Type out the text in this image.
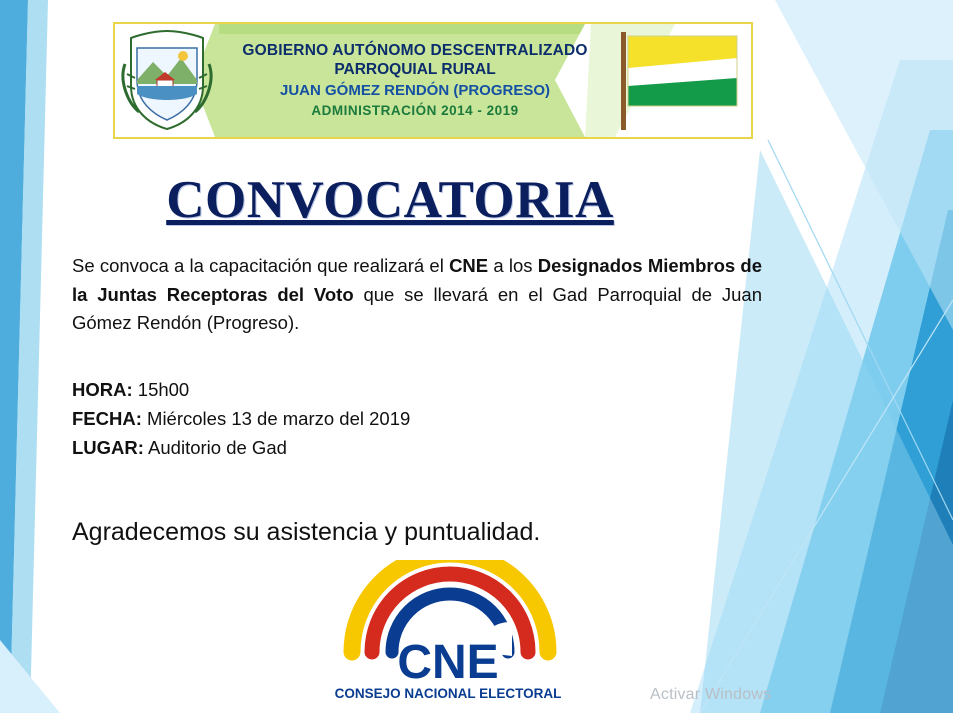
GOBIERNO AUTÓNOMO DESCENTRALIZADO
PARROQUIAL RURAL
JUAN GÓMEZ RENDÓN (PROGRESO)
ADMINISTRACIÓN 2014 - 2019
CONVOCATORIA
Se convoca a la capacitación que realizará el CNE a los Designados Miembros de la Juntas Receptoras del Voto que se llevará en el Gad Parroquial de Juan Gómez Rendón (Progreso).
HORA: 15h00
FECHA: Miércoles 13 de marzo del 2019
LUGAR: Auditorio de Gad
Agradecemos su asistencia y puntualidad.
CNE
CONSEJO NACIONAL ELECTORAL	Activar Windows
